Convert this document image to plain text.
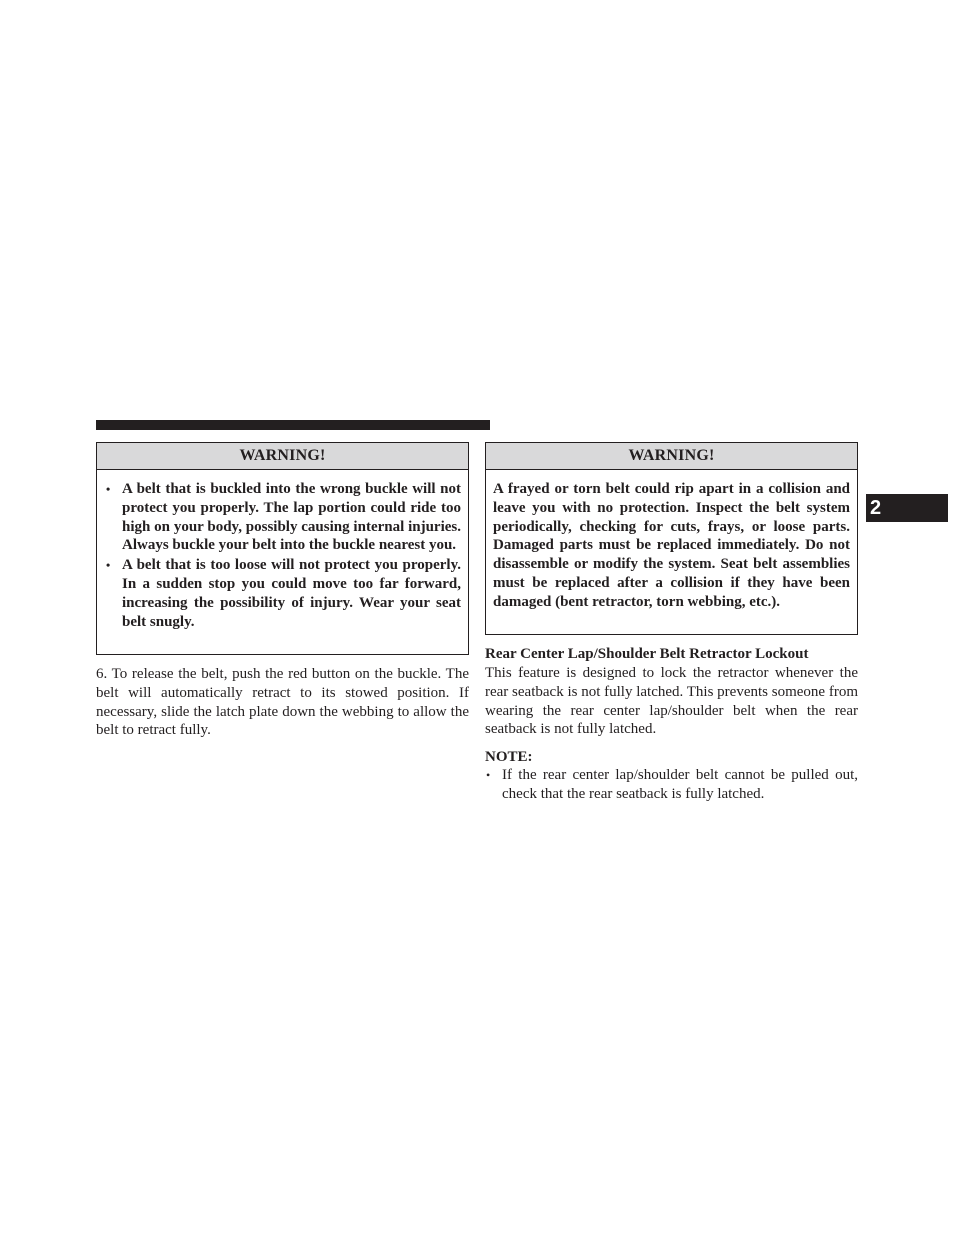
WARNING!
• A belt that is buckled into the wrong buckle will not protect you properly. The lap portion could ride too high on your body, possibly causing internal injuries. Always buckle your belt into the buckle nearest you.
• A belt that is too loose will not protect you properly. In a sudden stop you could move too far forward, increasing the possibility of injury. Wear your seat belt snugly.
6. To release the belt, push the red button on the buckle. The belt will automatically retract to its stowed position. If necessary, slide the latch plate down the webbing to allow the belt to retract fully.
WARNING!
A frayed or torn belt could rip apart in a collision and leave you with no protection. Inspect the belt system periodically, checking for cuts, frays, or loose parts. Damaged parts must be replaced immediately. Do not disassemble or modify the system. Seat belt assemblies must be replaced after a collision if they have been damaged (bent retractor, torn webbing, etc.).
Rear Center Lap/Shoulder Belt Retractor Lockout
This feature is designed to lock the retractor whenever the rear seatback is not fully latched. This prevents someone from wearing the rear center lap/shoulder belt when the rear seatback is not fully latched.
NOTE:
• If the rear center lap/shoulder belt cannot be pulled out, check that the rear seatback is fully latched.
2
